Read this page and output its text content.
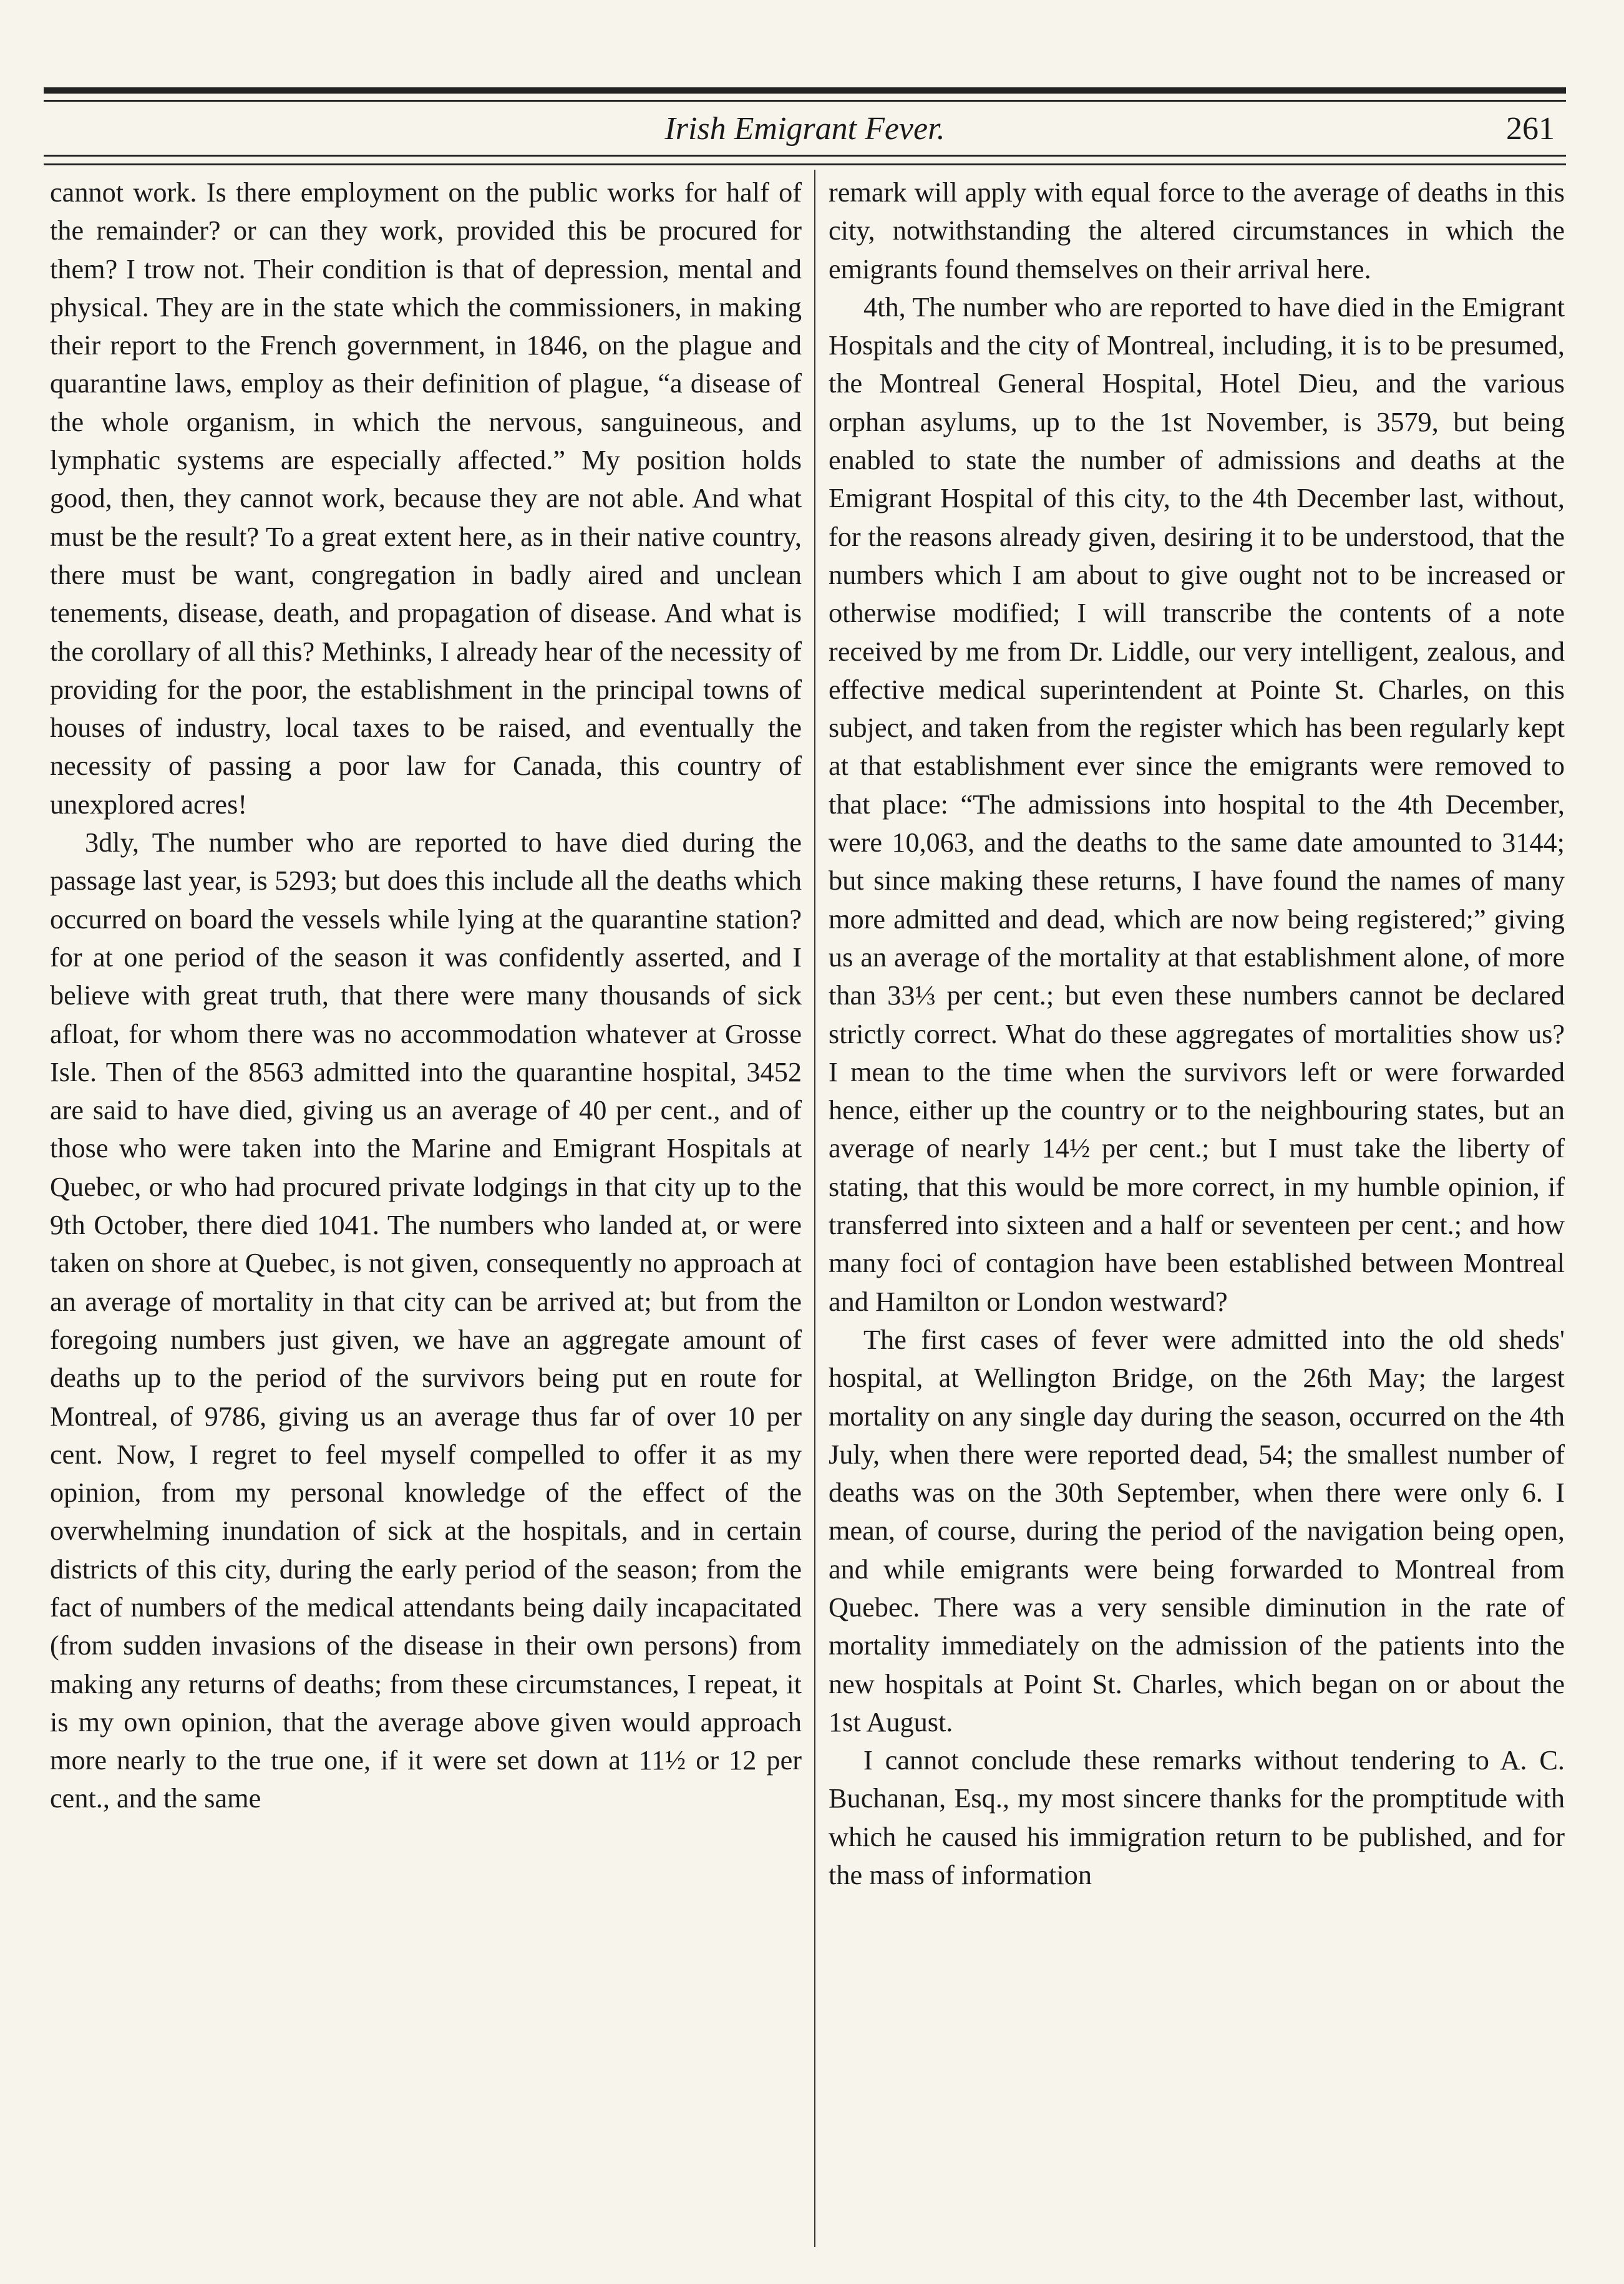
Irish Emigrant Fever.	261

cannot work. Is there employment on the public works for half of the remainder? or can they work, provided this be procured for them? I trow not. Their condition is that of depression, mental and physical. They are in the state which the commissioners, in making their report to the French government, in 1846, on the plague and quarantine laws, employ as their definition of plague, “a disease of the whole organism, in which the nervous, sanguineous, and lymphatic systems are especially affected.” My position holds good, then, they cannot work, because they are not able. And what must be the result? To a great extent here, as in their native country, there must be want, congregation in badly aired and unclean tenements, disease, death, and propagation of disease. And what is the corollary of all this? Methinks, I already hear of the necessity of providing for the poor, the establishment in the principal towns of houses of industry, local taxes to be raised, and eventually the necessity of passing a poor law for Canada, this country of unexplored acres!

3dly, The number who are reported to have died during the passage last year, is 5293; but does this include all the deaths which occurred on board the vessels while lying at the quarantine station? for at one period of the season it was confidently asserted, and I believe with great truth, that there were many thousands of sick afloat, for whom there was no accommodation whatever at Grosse Isle. Then of the 8563 admitted into the quarantine hospital, 3452 are said to have died, giving us an average of 40 per cent., and of those who were taken into the Marine and Emigrant Hospitals at Quebec, or who had procured private lodgings in that city up to the 9th October, there died 1041. The numbers who landed at, or were taken on shore at Quebec, is not given, consequently no approach at an average of mortality in that city can be arrived at; but from the foregoing numbers just given, we have an aggregate amount of deaths up to the period of the survivors being put en route for Montreal, of 9786, giving us an average thus far of over 10 per cent. Now, I regret to feel myself compelled to offer it as my opinion, from my personal knowledge of the effect of the overwhelming inundation of sick at the hospitals, and in certain districts of this city, during the early period of the season; from the fact of numbers of the medical attendants being daily incapacitated (from sudden invasions of the disease in their own persons) from making any returns of deaths; from these circumstances, I repeat, it is my own opinion, that the average above given would approach more nearly to the true one, if it were set down at 11½ or 12 per cent., and the same

remark will apply with equal force to the average of deaths in this city, notwithstanding the altered circumstances in which the emigrants found themselves on their arrival here.

4th, The number who are reported to have died in the Emigrant Hospitals and the city of Montreal, including, it is to be presumed, the Montreal General Hospital, Hotel Dieu, and the various orphan asylums, up to the 1st November, is 3579, but being enabled to state the number of admissions and deaths at the Emigrant Hospital of this city, to the 4th December last, without, for the reasons already given, desiring it to be understood, that the numbers which I am about to give ought not to be increased or otherwise modified; I will transcribe the contents of a note received by me from Dr. Liddle, our very intelligent, zealous, and effective medical superintendent at Pointe St. Charles, on this subject, and taken from the register which has been regularly kept at that establishment ever since the emigrants were removed to that place: “The admissions into hospital to the 4th December, were 10,063, and the deaths to the same date amounted to 3144; but since making these returns, I have found the names of many more admitted and dead, which are now being registered;” giving us an average of the mortality at that establishment alone, of more than 33⅓ per cent.; but even these numbers cannot be declared strictly correct. What do these aggregates of mortalities show us? I mean to the time when the survivors left or were forwarded hence, either up the country or to the neighbouring states, but an average of nearly 14½ per cent.; but I must take the liberty of stating, that this would be more correct, in my humble opinion, if transferred into sixteen and a half or seventeen per cent.; and how many foci of contagion have been established between Montreal and Hamilton or London westward?

The first cases of fever were admitted into the old sheds' hospital, at Wellington Bridge, on the 26th May; the largest mortality on any single day during the season, occurred on the 4th July, when there were reported dead, 54; the smallest number of deaths was on the 30th September, when there were only 6. I mean, of course, during the period of the navigation being open, and while emigrants were being forwarded to Montreal from Quebec. There was a very sensible diminution in the rate of mortality immediately on the admission of the patients into the new hospitals at Point St. Charles, which began on or about the 1st August.

I cannot conclude these remarks without tendering to A. C. Buchanan, Esq., my most sincere thanks for the promptitude with which he caused his immigration return to be published, and for the mass of information
